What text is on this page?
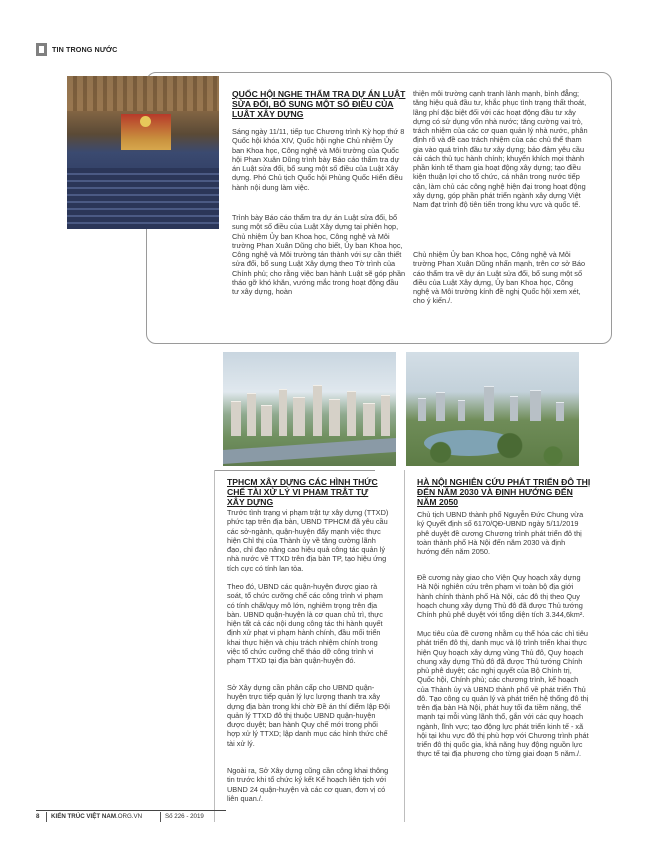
TIN TRONG NƯỚC
QUỐC HỘI NGHE THẨM TRA DỰ ÁN LUẬT SỬA ĐỔI, BỔ SUNG MỘT SỐ ĐIỀU CỦA LUẬT XÂY DỰNG

Sáng ngày 11/11, tiếp tục Chương trình Kỳ họp thứ 8 Quốc hội khóa XIV, Quốc hội nghe Chủ nhiệm Ủy ban Khoa học, Công nghệ và Môi trường của Quốc hội Phan Xuân Dũng trình bày Báo cáo thẩm tra dự án Luật sửa đổi, bổ sung một số điều của Luật Xây dựng. Phó Chủ tịch Quốc hội Phùng Quốc Hiển điều hành nội dung làm việc.

Trình bày Báo cáo thẩm tra dự án Luật sửa đổi, bổ sung một số điều của Luật Xây dựng tại phiên họp, Chủ nhiệm Ủy ban Khoa học, Công nghệ và Môi trường Phan Xuân Dũng cho biết, Ủy ban Khoa học, Công nghệ và Môi trường tán thành với sự cần thiết sửa đổi, bổ sung Luật Xây dựng theo Tờ trình của Chính phủ; cho rằng việc ban hành Luật sẽ góp phần tháo gỡ khó khăn, vướng mắc trong hoạt động đầu tư xây dựng, hoàn

thiện môi trường cạnh tranh lành mạnh, bình đẳng; tăng hiệu quả đầu tư, khắc phục tình trạng thất thoát, lãng phí đặc biệt đối với các hoạt động đầu tư xây dựng có sử dụng vốn nhà nước; tăng cường vai trò, trách nhiệm của các cơ quan quản lý nhà nước, phân định rõ và đề cao trách nhiệm của các chủ thể tham gia vào quá trình đầu tư xây dựng; bảo đảm yêu cầu cải cách thủ tục hành chính; khuyến khích mọi thành phần kinh tế tham gia hoạt động xây dựng; tạo điều kiện thuận lợi cho tổ chức, cá nhân trong nước tiếp cận, làm chủ các công nghệ hiện đại trong hoạt động xây dựng, góp phần phát triển ngành xây dựng Việt Nam đạt trình độ tiên tiến trong khu vực và quốc tế.

Chủ nhiệm Ủy ban Khoa học, Công nghệ và Môi trường Phan Xuân Dũng nhấn mạnh, trên cơ sở Báo cáo thẩm tra về dự án Luật sửa đổi, bổ sung một số điều của Luật Xây dựng, Ủy ban Khoa học, Công nghệ và Môi trường kính đề nghị Quốc hội xem xét, cho ý kiến./.

TPHCM XÂY DỰNG CÁC HÌNH THỨC CHẾ TÀI XỬ LÝ VI PHẠM TRẬT TỰ XÂY DỰNG

Trước tình trạng vi phạm trật tự xây dựng (TTXD) phức tạp trên địa bàn, UBND TPHCM đã yêu cầu các sở-ngành, quận-huyện đẩy mạnh việc thực hiện Chỉ thị của Thành ủy về tăng cường lãnh đạo, chỉ đạo nâng cao hiệu quả công tác quản lý nhà nước về TTXD trên địa bàn TP, tạo hiệu ứng tích cực có tính lan tỏa.

Theo đó, UBND các quận-huyện được giao rà soát, tổ chức cưỡng chế các công trình vi phạm có tính chất/quy mô lớn, nghiêm trọng trên địa bàn. UBND quận-huyện là cơ quan chủ trì, thực hiện tất cả các nội dung công tác thi hành quyết định xử phạt vi phạm hành chính, đầu mối triển khai thực hiện và chịu trách nhiệm chính trong việc tổ chức cưỡng chế tháo dỡ công trình vi phạm TTXD tại địa bàn quận-huyện đó.

Sở Xây dựng cần phân cấp cho UBND quận-huyện trực tiếp quản lý lực lượng thanh tra xây dựng địa bàn trong khi chờ Đề án thí điểm lập Đội quản lý TTXD đô thị thuộc UBND quận-huyện được duyệt; ban hành Quy chế mới trong phối hợp xử lý TTXD; lập danh mục các hình thức chế tài xử lý.

Ngoài ra, Sở Xây dựng cũng cần công khai thông tin trước khi tổ chức ký kết Kế hoạch liên tịch với UBND 24 quận-huyện và các cơ quan, đơn vị có liên quan./.

HÀ NỘI NGHIÊN CỨU PHÁT TRIỂN ĐÔ THỊ ĐẾN NĂM 2030 VÀ ĐỊNH HƯỚNG ĐẾN NĂM 2050

Chủ tịch UBND thành phố Nguyễn Đức Chung vừa ký Quyết định số 6170/QĐ-UBND ngày 5/11/2019 phê duyệt đề cương Chương trình phát triển đô thị toàn thành phố Hà Nội đến năm 2030 và định hướng đến năm 2050.

Đề cương này giao cho Viện Quy hoạch xây dựng Hà Nội nghiên cứu trên phạm vi toàn bộ địa giới hành chính thành phố Hà Nội, các đô thị theo Quy hoạch chung xây dựng Thủ đô đã được Thủ tướng Chính phủ phê duyệt với tổng diện tích 3.344,6km².

Mục tiêu của đề cương nhằm cụ thể hóa các chỉ tiêu phát triển đô thị, danh mục và lộ trình triển khai thực hiện Quy hoạch xây dựng vùng Thủ đô, Quy hoạch chung xây dựng Thủ đô đã được Thủ tướng Chính phủ phê duyệt; các nghị quyết của Bộ Chính trị, Quốc hội, Chính phủ; các chương trình, kế hoạch của Thành ủy và UBND thành phố về phát triển Thủ đô. Tạo công cụ quản lý và phát triển hệ thống đô thị trên địa bàn Hà Nội, phát huy tối đa tiềm năng, thế mạnh tại mỗi vùng lãnh thổ, gắn với các quy hoạch ngành, lĩnh vực; tạo động lực phát triển kinh tế - xã hội tại khu vực đô thị phù hợp với Chương trình phát triển đô thị quốc gia, khả năng huy động nguồn lực thực tế tại địa phương cho từng giai đoạn 5 năm./.

8 KIẾN TRÚC VIỆT NAM.ORG.VN	Số 226 - 2019
